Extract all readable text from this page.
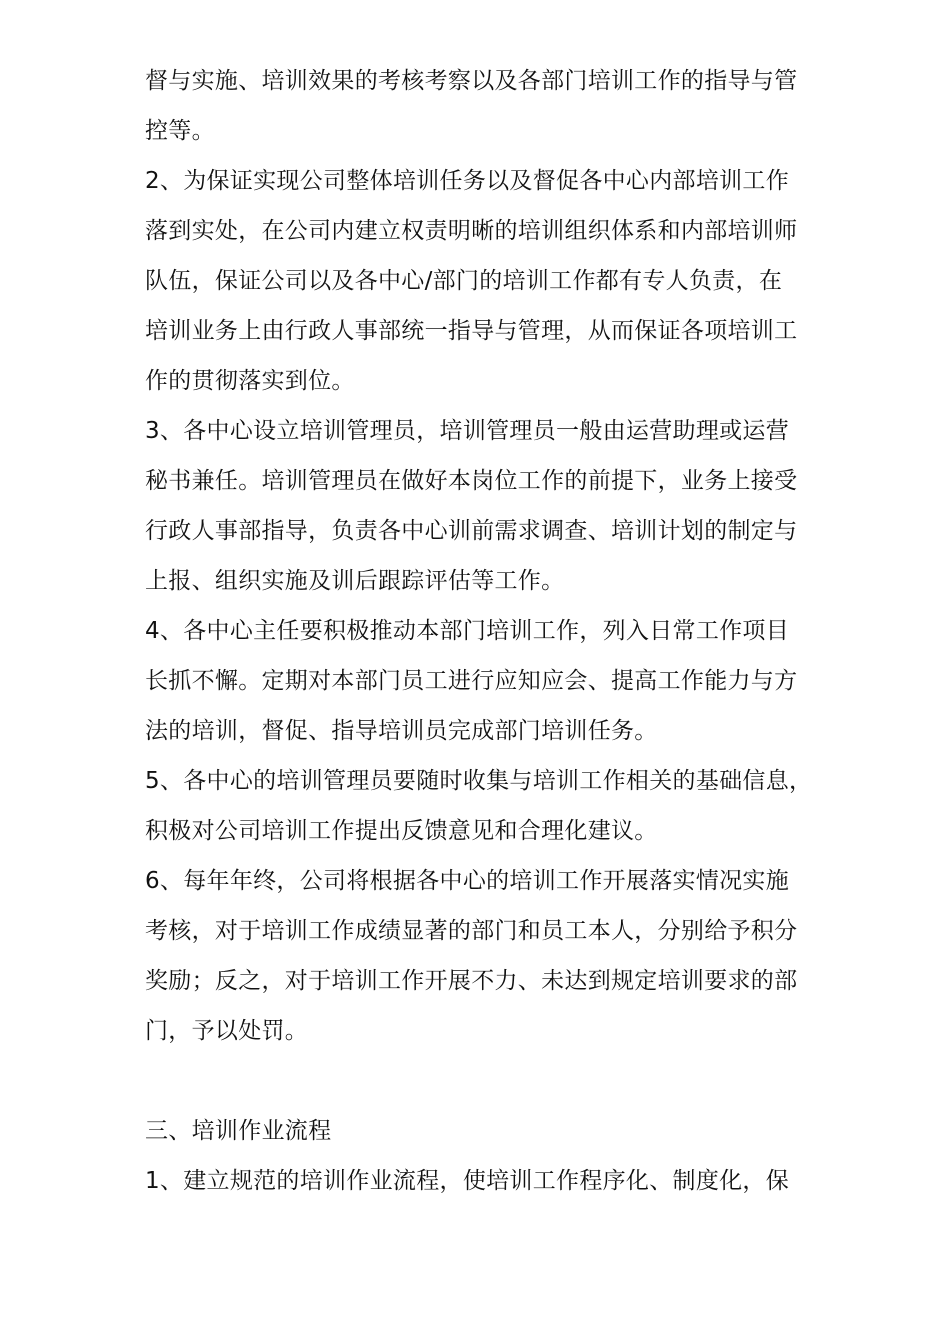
督与实施、培训效果的考核考察以及各部门培训工作的指导与管
控等。
2、为保证实现公司整体培训任务以及督促各中心内部培训工作
落到实处，在公司内建立权责明晰的培训组织体系和内部培训师
队伍，保证公司以及各中心/部门的培训工作都有专人负责，在
培训业务上由行政人事部统一指导与管理，从而保证各项培训工
作的贯彻落实到位。
3、各中心设立培训管理员，培训管理员一般由运营助理或运营
秘书兼任。培训管理员在做好本岗位工作的前提下，业务上接受
行政人事部指导，负责各中心训前需求调查、培训计划的制定与
上报、组织实施及训后跟踪评估等工作。
4、各中心主任要积极推动本部门培训工作，列入日常工作项目
长抓不懈。定期对本部门员工进行应知应会、提高工作能力与方
法的培训，督促、指导培训员完成部门培训任务。
5、各中心的培训管理员要随时收集与培训工作相关的基础信息，
积极对公司培训工作提出反馈意见和合理化建议。
6、每年年终，公司将根据各中心的培训工作开展落实情况实施
考核，对于培训工作成绩显著的部门和员工本人，分别给予积分
奖励；反之，对于培训工作开展不力、未达到规定培训要求的部
门，予以处罚。
三、培训作业流程
1、建立规范的培训作业流程，使培训工作程序化、制度化，保
